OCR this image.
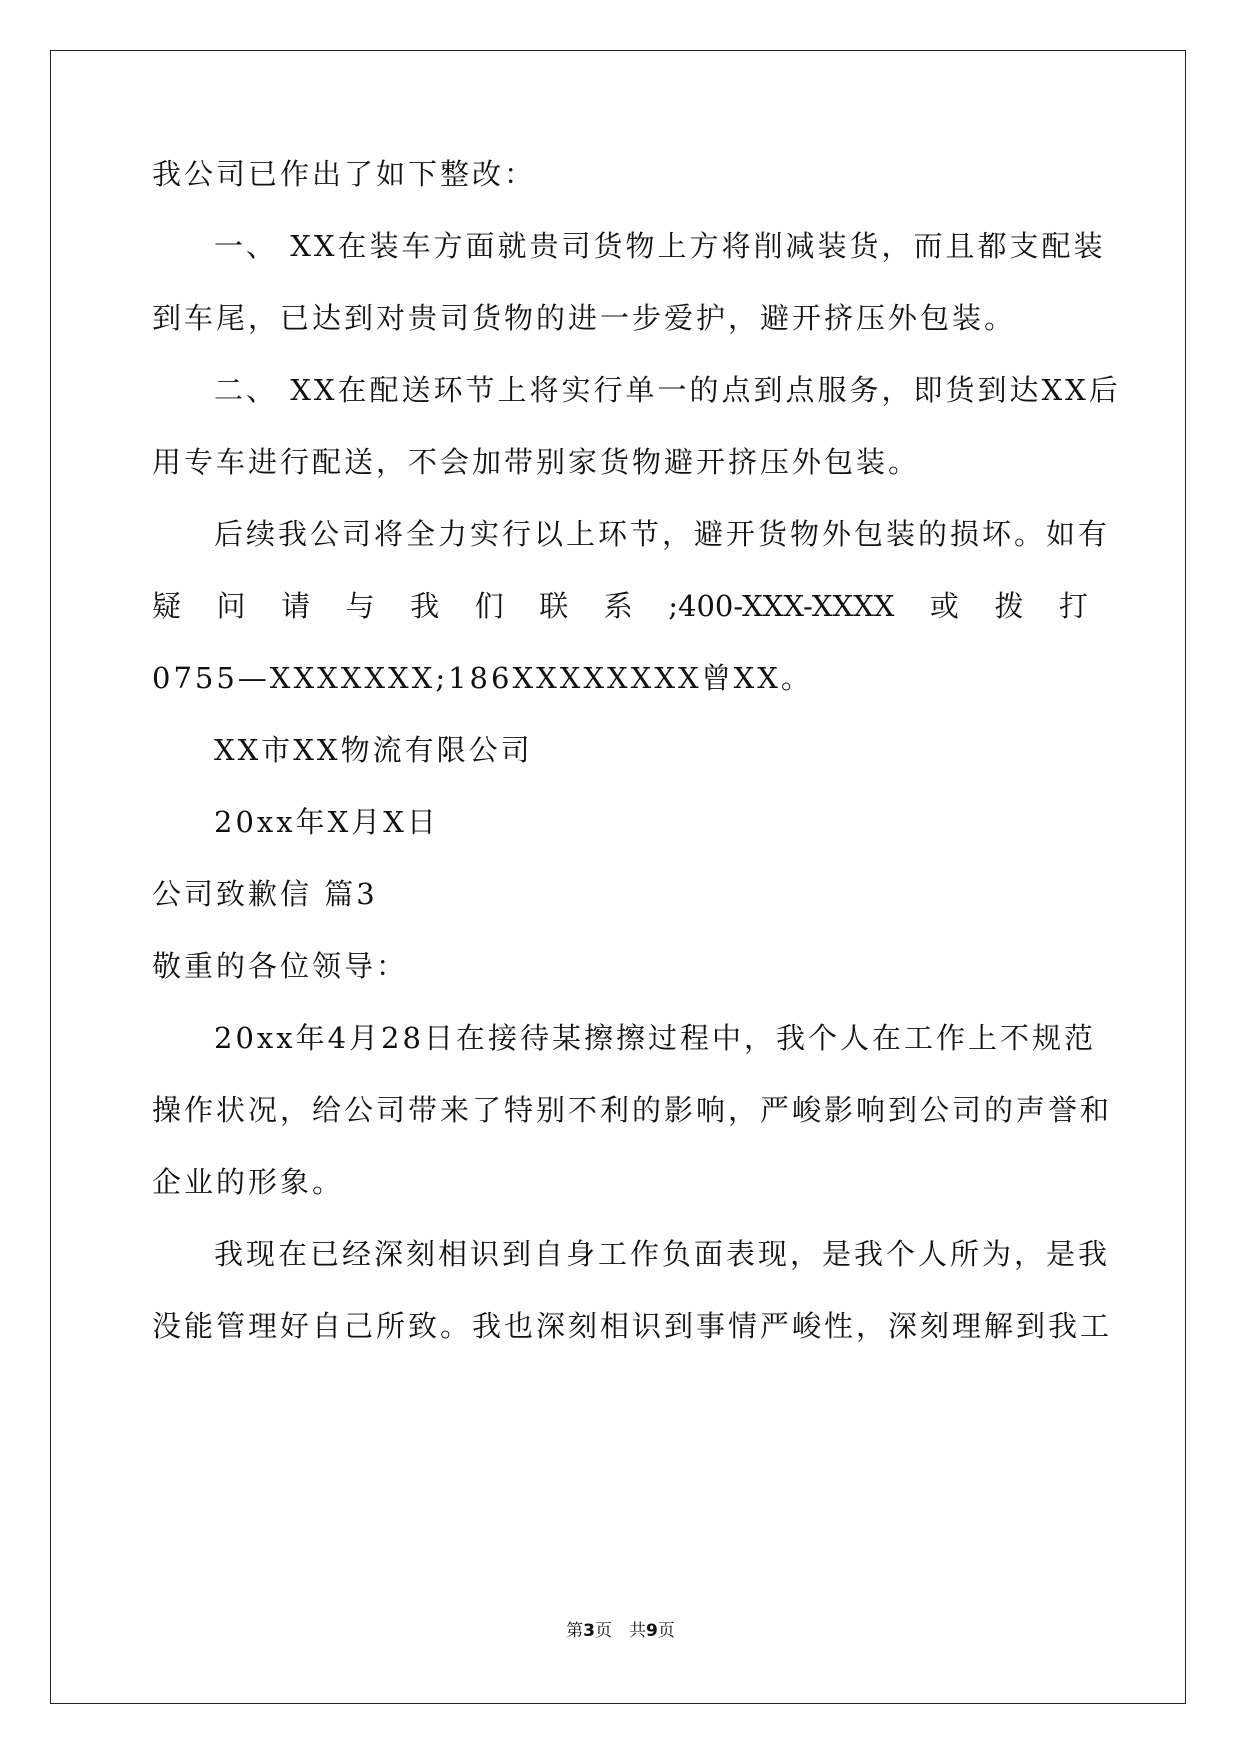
我公司已作出了如下整改：
一、 XX在装车方面就贵司货物上方将削减装货，而且都支配装
到车尾，已达到对贵司货物的进一步爱护，避开挤压外包装。
二、 XX在配送环节上将实行单一的点到点服务，即货到达XX后
用专车进行配送，不会加带别家货物避开挤压外包装。
后续我公司将全力实行以上环节，避开货物外包装的损坏。如有
疑 问 请 与 我 们 联 系 ;400-XXX-XXXX 或 拨 打
0755—XXXXXXX;186XXXXXXXX曾XX。
XX市XX物流有限公司
20xx年X月X日
公司致歉信 篇3
敬重的各位领导：
20xx年4月28日在接待某擦擦过程中，我个人在工作上不规范
操作状况，给公司带来了特别不利的影响，严峻影响到公司的声誉和
企业的形象。
我现在已经深刻相识到自身工作负面表现，是我个人所为，是我
没能管理好自己所致。我也深刻相识到事情严峻性，深刻理解到我工
第3页　共9页
